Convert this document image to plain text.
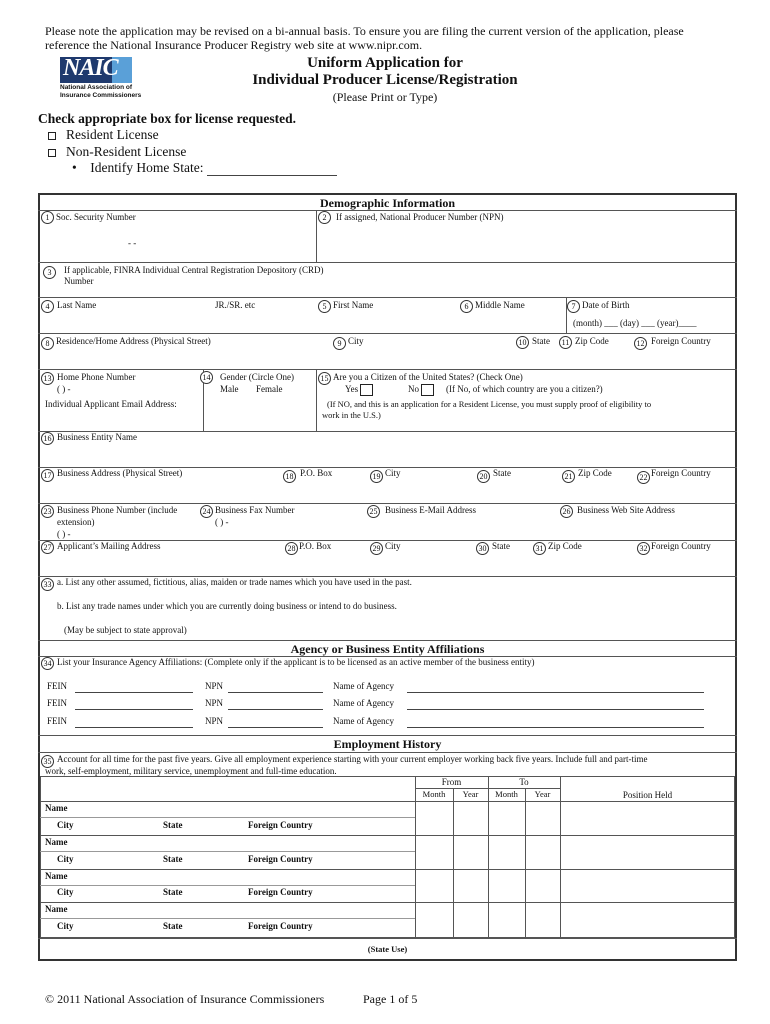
Please note the application may be revised on a bi-annual basis. To ensure you are filing the current version of the application, please
reference the National Insurance Producer Registry web site at www.nipr.com.
NAIC
National Association of
Insurance Commissioners
Uniform Application for
Individual Producer License/Registration
(Please Print or Type)
Check appropriate box for license requested.
Resident License
Non-Resident License
•    Identify Home State:
Demographic Information
1 Soc. Security Number
- -
2	If assigned, National Producer Number (NPN)
3	If applicable, FINRA Individual Central Registration Depository (CRD)
Number
4 Last Name	JR./SR. etc	5 First Name	6 Middle Name	7 Date of Birth
(month) ___ (day) ___ (year)____
8 Residence/Home Address (Physical Street)	9 City	10 State	11 Zip Code	12 Foreign Country
13 Home Phone Number
( ) -
Individual Applicant Email Address:
14 Gender (Circle One)
Male Female
15 Are you a Citizen of the United States? (Check One)
Yes	No	(If No, of which country are you a citizen?)
(If NO, and this is an application for a Resident License, you must supply proof of eligibility to
work in the U.S.)
16 Business Entity Name
17 Business Address (Physical Street)	18 P.O. Box	19 City	20 State	21 Zip Code	22 Foreign Country
23 Business Phone Number (include
extension)
( ) -
24 Business Fax Number
( ) -
25 Business E-Mail Address	26 Business Web Site Address
27 Applicant’s Mailing Address	28 P.O. Box	29 City	30 State	31 Zip Code	32 Foreign Country
33 a. List any other assumed, fictitious, alias, maiden or trade names which you have used in the past.
b. List any trade names under which you are currently doing business or intend to do business.
(May be subject to state approval)
Agency or Business Entity Affiliations
34 List your Insurance Agency Affiliations: (Complete only if the applicant is to be licensed as an active member of the business entity)
FEIN	NPN	Name of Agency
FEIN	NPN	Name of Agency
FEIN	NPN	Name of Agency
Employment History
35 Account for all time for the past five years. Give all employment experience starting with your current employer working back five years. Include full and part-time
work, self-employment, military service, unemployment and full-time education.
From	To
Month	Year	Month	Year	Position Held
Name
City	State	Foreign Country
Name
City	State	Foreign Country
Name
City	State	Foreign Country
Name
City	State	Foreign Country
(State Use)
© 2011 National Association of Insurance Commissioners	Page 1 of 5
